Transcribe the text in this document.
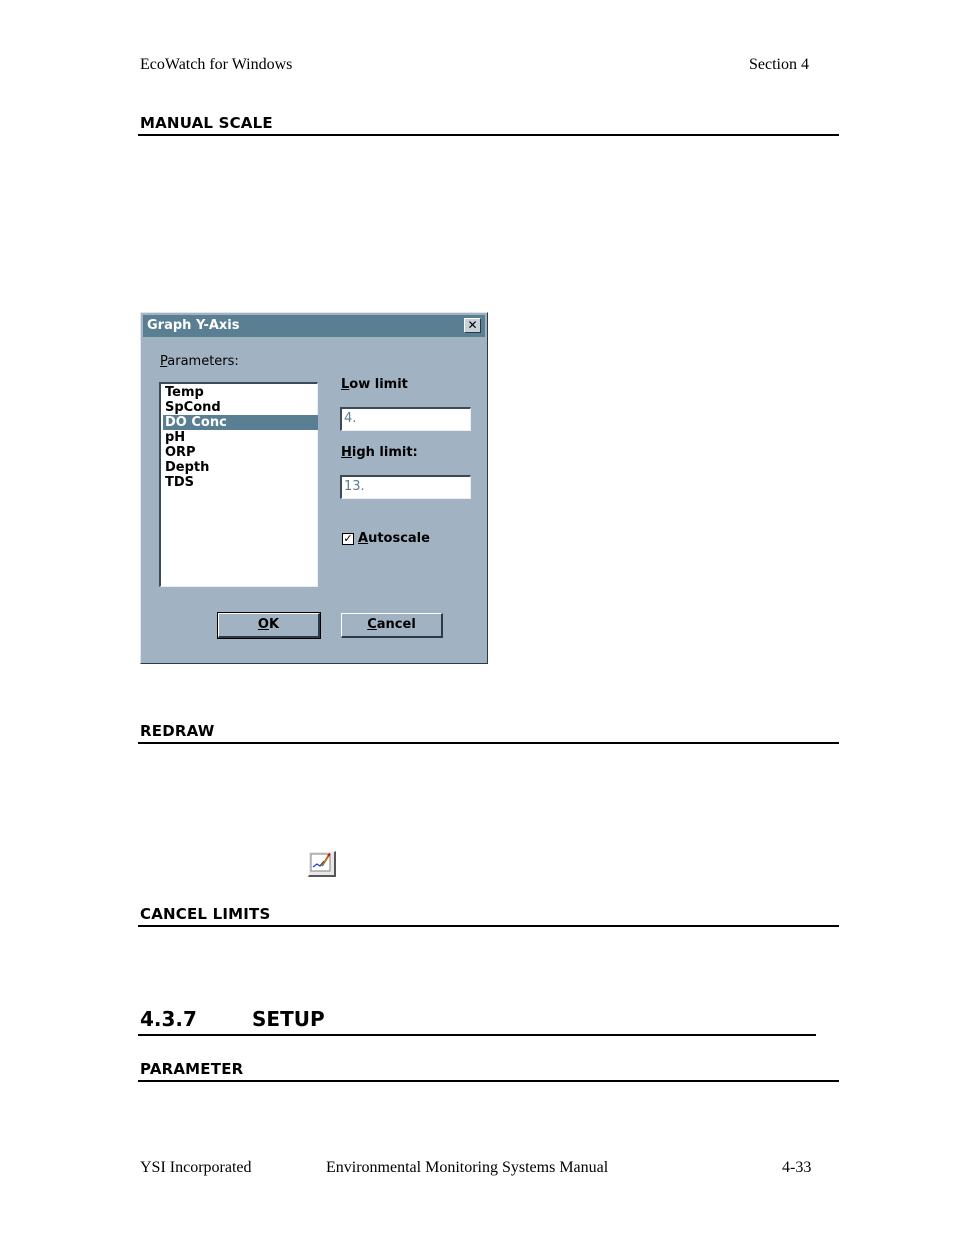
EcoWatch for Windows	Section 4
MANUAL SCALE
Graph Y-Axis	✕
Parameters:
Temp
SpCond
DO Conc
pH
ORP
Depth
TDS
Low limit
4.
High limit:
13.
✓ Autoscale
OK	Cancel
REDRAW
CANCEL LIMITS
4.3.7	SETUP
PARAMETER
YSI Incorporated	Environmental Monitoring Systems Manual	4-33
